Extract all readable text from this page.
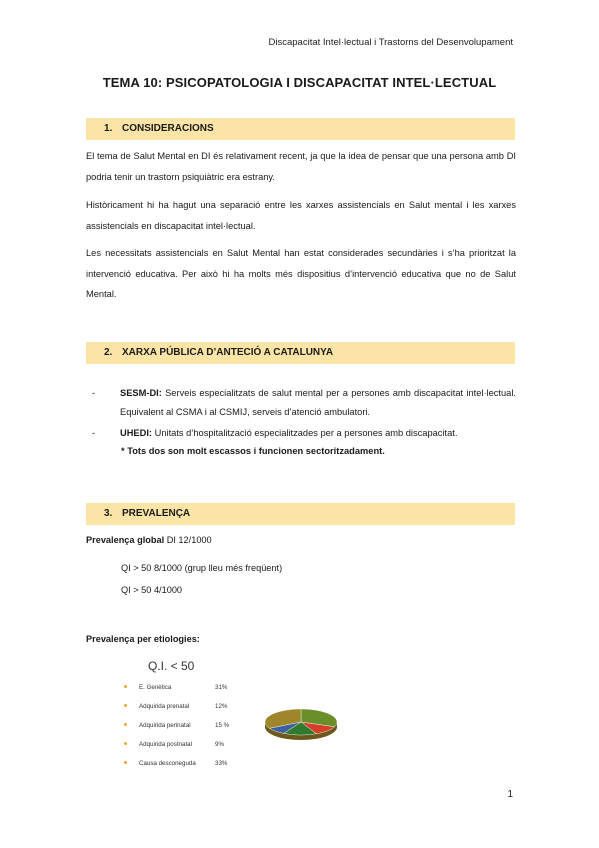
Discapacitat Intel·lectual i Trastorns del Desenvolupament
TEMA 10: PSICOPATOLOGIA I DISCAPACITAT INTEL·LECTUAL
1. CONSIDERACIONS
El tema de Salut Mental en DI és relativament recent, ja que la idea de pensar que una persona amb DI podria tenir un trastorn psiquiàtric era estrany.
Històricament hi ha hagut una separació entre les xarxes assistencials en Salut mental i les xarxes assistencials en discapacitat intel·lectual.
Les necessitats assistencials en Salut Mental han estat considerades secundàries i s’ha prioritzat la intervenció educativa. Per això hi ha molts més dispositius d’intervenció educativa que no de Salut Mental.
2. XARXA PÚBLICA D’ANTECIÓ A CATALUNYA
-	SESM-DI: Serveis especialitzats de salut mental per a persones amb discapacitat intel·lectual. Equivalent al CSMA i al CSMIJ, serveis d’atenció ambulatori.
-	UHEDI: Unitats d’hospitalització especialitzades per a persones amb discapacitat.
* Tots dos son molt escassos i funcionen sectoritzadament.
3. PREVALENÇA
Prevalença global DI 12/1000
QI > 50 8/1000 (grup lleu més freqüent)
QI > 50 4/1000
Prevalença per etiologies:
Q.I. < 50
E. Genètica	31%
Adquirida prenatal	12%
Adquirida perinatal	15 %
Adquirida postnatal	9%
Causa desconeguda	33%
1
